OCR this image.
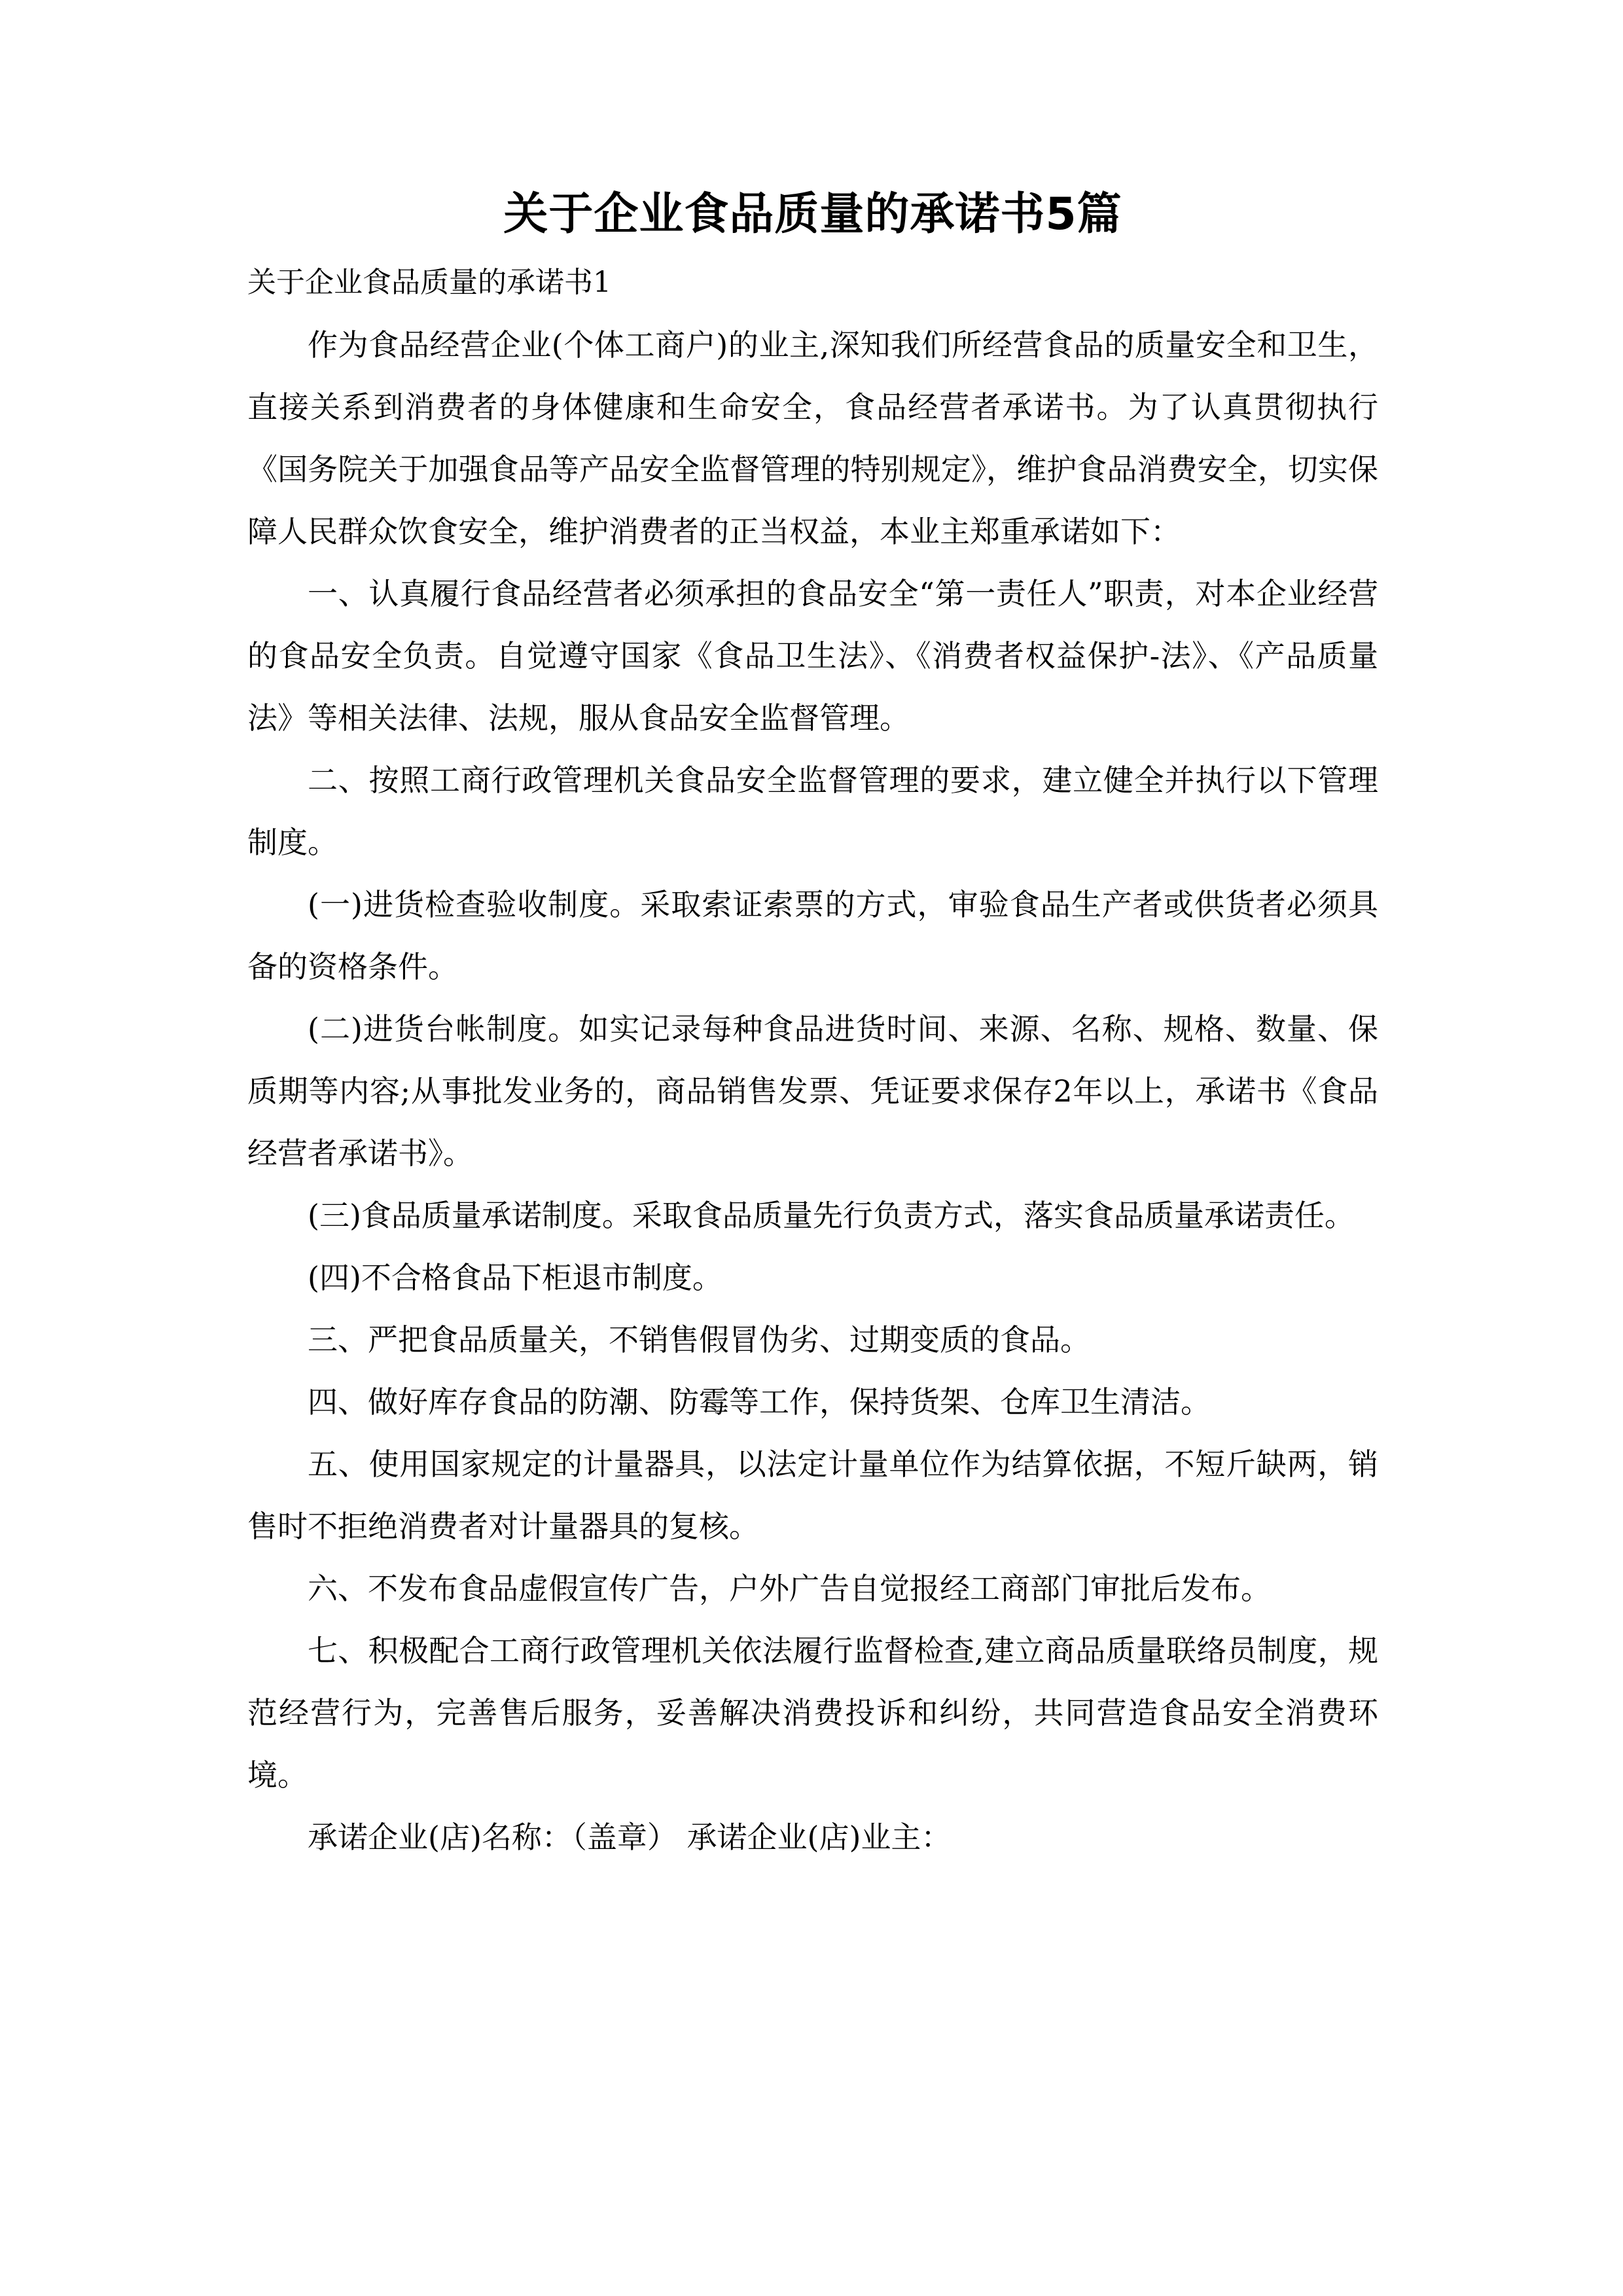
关于企业食品质量的承诺书5篇

关于企业食品质量的承诺书1

作为食品经营企业(个体工商户)的业主,深知我们所经营食品的质量安全和卫生，直接关系到消费者的身体健康和生命安全，食品经营者承诺书。为了认真贯彻执行《国务院关于加强食品等产品安全监督管理的特别规定》，维护食品消费安全，切实保障人民群众饮食安全，维护消费者的正当权益，本业主郑重承诺如下：

一、认真履行食品经营者必须承担的食品安全“第一责任人”职责，对本企业经营的食品安全负责。自觉遵守国家《食品卫生法》、《消费者权益保护-法》、《产品质量法》等相关法律、法规，服从食品安全监督管理。

二、按照工商行政管理机关食品安全监督管理的要求，建立健全并执行以下管理制度。

(一)进货检查验收制度。采取索证索票的方式，审验食品生产者或供货者必须具备的资格条件。

(二)进货台帐制度。如实记录每种食品进货时间、来源、名称、规格、数量、保质期等内容;从事批发业务的，商品销售发票、凭证要求保存2年以上，承诺书《食品经营者承诺书》。

(三)食品质量承诺制度。采取食品质量先行负责方式，落实食品质量承诺责任。

(四)不合格食品下柜退市制度。

三、严把食品质量关，不销售假冒伪劣、过期变质的食品。

四、做好库存食品的防潮、防霉等工作，保持货架、仓库卫生清洁。

五、使用国家规定的计量器具，以法定计量单位作为结算依据，不短斤缺两，销售时不拒绝消费者对计量器具的复核。

六、不发布食品虚假宣传广告，户外广告自觉报经工商部门审批后发布。

七、积极配合工商行政管理机关依法履行监督检查,建立商品质量联络员制度，规范经营行为，完善售后服务，妥善解决消费投诉和纠纷，共同营造食品安全消费环境。

承诺企业(店)名称：（盖章） 承诺企业(店)业主：
